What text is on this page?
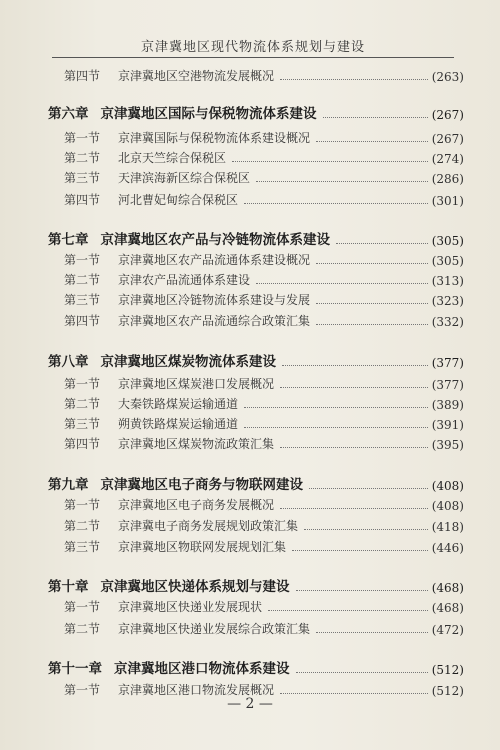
京津冀地区现代物流体系规划与建设
第四节	京津冀地区空港物流发展概况	(263)
第六章 京津冀地区国际与保税物流体系建设	(267)
第一节	京津冀国际与保税物流体系建设概况	(267)
第二节	北京天竺综合保税区	(274)
第三节	天津滨海新区综合保税区	(286)
第四节	河北曹妃甸综合保税区	(301)
第七章 京津冀地区农产品与冷链物流体系建设	(305)
第一节	京津冀地区农产品流通体系建设概况	(305)
第二节	京津农产品流通体系建设	(313)
第三节	京津冀地区冷链物流体系建设与发展	(323)
第四节	京津冀地区农产品流通综合政策汇集	(332)
第八章 京津冀地区煤炭物流体系建设	(377)
第一节	京津冀地区煤炭港口发展概况	(377)
第二节	大秦铁路煤炭运输通道	(389)
第三节	朔黄铁路煤炭运输通道	(391)
第四节	京津冀地区煤炭物流政策汇集	(395)
第九章 京津冀地区电子商务与物联网建设	(408)
第一节	京津冀地区电子商务发展概况	(408)
第二节	京津冀电子商务发展规划政策汇集	(418)
第三节	京津冀地区物联网发展规划汇集	(446)
第十章 京津冀地区快递体系规划与建设	(468)
第一节	京津冀地区快递业发展现状	(468)
第二节	京津冀地区快递业发展综合政策汇集	(472)
第十一章 京津冀地区港口物流体系建设	(512)
第一节	京津冀地区港口物流发展概况	(512)
— 2 —
